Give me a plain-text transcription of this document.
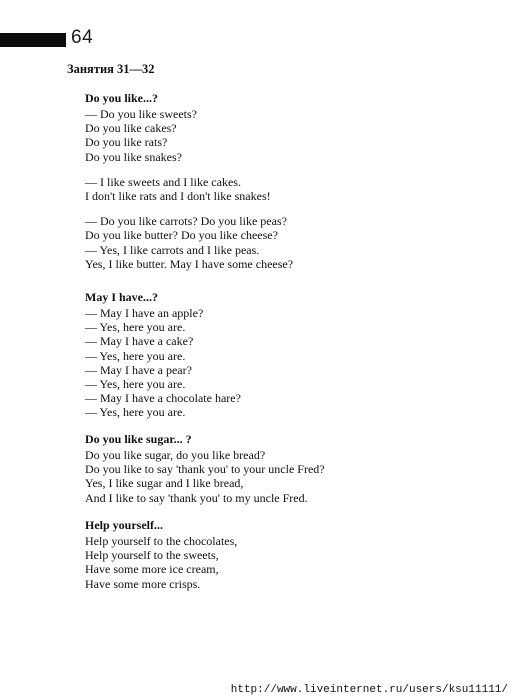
64
Занятия 31—32
Do you like...?
— Do you like sweets?
Do you like cakes?
Do you like rats?
Do you like snakes?
— I like sweets and I like cakes.
I don't like rats and I don't like snakes!
— Do you like carrots? Do you like peas?
Do you like butter? Do you like cheese?
— Yes, I like carrots and I like peas.
Yes, I like butter. May I have some cheese?
May I have...?
— May I have an apple?
— Yes, here you are.
— May I have a cake?
— Yes, here you are.
— May I have a pear?
— Yes, here you are.
— May I have a chocolate hare?
— Yes, here you are.
Do you like sugar... ?
Do you like sugar, do you like bread?
Do you like to say 'thank you' to your uncle Fred?
Yes, I like sugar and I like bread,
And I like to say 'thank you' to my uncle Fred.
Help yourself...
Help yourself to the chocolates,
Help yourself to the sweets,
Have some more ice cream,
Have some more crisps.
http://www.liveinternet.ru/users/ksu11111/
